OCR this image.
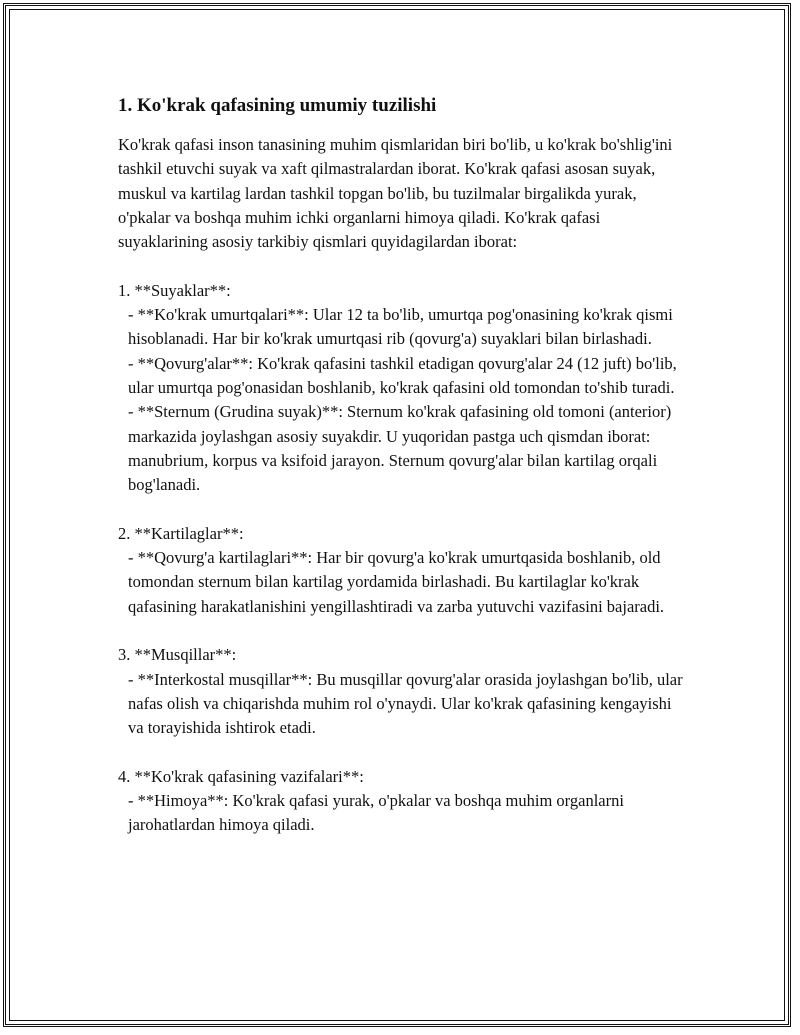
1. Ko'krak qafasining umumiy tuzilishi

Ko'krak qafasi inson tanasining muhim qismlaridan biri bo'lib, u ko'krak bo'shlig'ini tashkil etuvchi suyak va xaft qilmastralardan iborat. Ko'krak qafasi asosan suyak, muskul va kartilag lardan tashkil topgan bo'lib, bu tuzilmalar birgalikda yurak, o'pkalar va boshqa muhim ichki organlarni himoya qiladi. Ko'krak qafasi suyaklarining asosiy tarkibiy qismlari quyidagilardan iborat:

1. **Suyaklar**:
- **Ko'krak umurtqalari**: Ular 12 ta bo'lib, umurtqa pog'onasining ko'krak qismi hisoblanadi. Har bir ko'krak umurtqasi rib (qovurg'a) suyaklari bilan birlashadi.
- **Qovurg'alar**: Ko'krak qafasini tashkil etadigan qovurg'alar 24 (12 juft) bo'lib, ular umurtqa pog'onasidan boshlanib, ko'krak qafasini old tomondan to'shib turadi.
- **Sternum (Grudina suyak)**: Sternum ko'krak qafasining old tomoni (anterior) markazida joylashgan asosiy suyakdir. U yuqoridan pastga uch qismdan iborat: manubrium, korpus va ksifoid jarayon. Sternum qovurg'alar bilan kartilag orqali bog'lanadi.
2. **Kartilaglar**:
- **Qovurg'a kartilaglari**: Har bir qovurg'a ko'krak umurtqasida boshlanib, old tomondan sternum bilan kartilag yordamida birlashadi. Bu kartilaglar ko'krak qafasining harakatlanishini yengillashtiradi va zarba yutuvchi vazifasini bajaradi.
3. **Musqillar**:
- **Interkostal musqillar**: Bu musqillar qovurg'alar orasida joylashgan bo'lib, ular nafas olish va chiqarishda muhim rol o'ynaydi. Ular ko'krak qafasining kengayishi va torayishida ishtirok etadi.
4. **Ko'krak qafasining vazifalari**:
- **Himoya**: Ko'krak qafasi yurak, o'pkalar va boshqa muhim organlarni jarohatlardan himoya qiladi.
